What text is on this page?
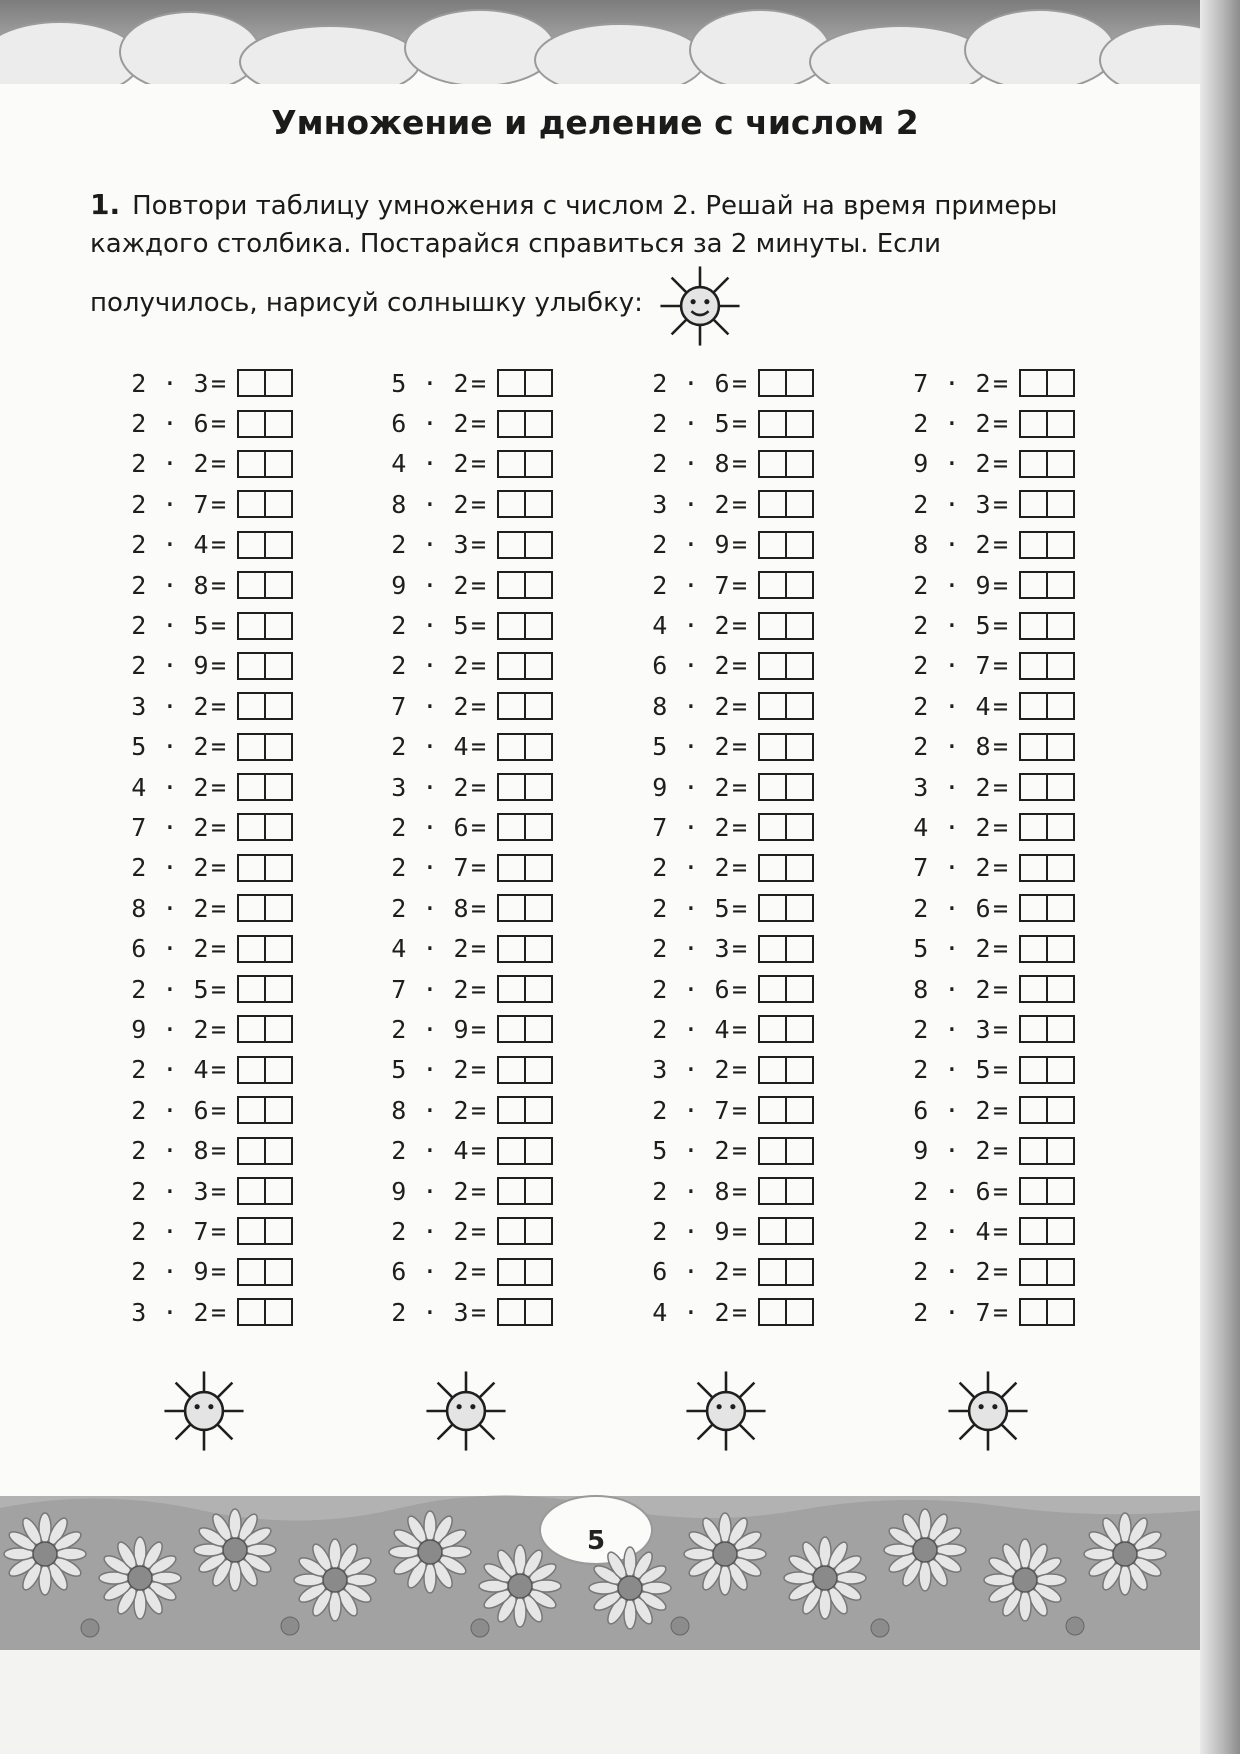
Умножение и деление с числом 2
1. Повтори таблицу умножения с числом 2. Решай на время примеры каждого столбика. Постарайся справиться за 2 минуты. Если получилось, нарисуй солнышку улыбку:
2 · 3 =
2 · 6 =
2 · 2 =
2 · 7 =
2 · 4 =
2 · 8 =
2 · 5 =
2 · 9 =
3 · 2 =
5 · 2 =
4 · 2 =
7 · 2 =
2 · 2 =
8 · 2 =
6 · 2 =
2 · 5 =
9 · 2 =
2 · 4 =
2 · 6 =
2 · 8 =
2 · 3 =
2 · 7 =
2 · 9 =
3 · 2 =
5 · 2 =
6 · 2 =
4 · 2 =
8 · 2 =
2 · 3 =
9 · 2 =
2 · 5 =
2 · 2 =
7 · 2 =
2 · 4 =
3 · 2 =
2 · 6 =
2 · 7 =
2 · 8 =
4 · 2 =
7 · 2 =
2 · 9 =
5 · 2 =
8 · 2 =
2 · 4 =
9 · 2 =
2 · 2 =
6 · 2 =
2 · 3 =
2 · 6 =
2 · 5 =
2 · 8 =
3 · 2 =
2 · 9 =
2 · 7 =
4 · 2 =
6 · 2 =
8 · 2 =
5 · 2 =
9 · 2 =
7 · 2 =
2 · 2 =
2 · 5 =
2 · 3 =
2 · 6 =
2 · 4 =
3 · 2 =
2 · 7 =
5 · 2 =
2 · 8 =
2 · 9 =
6 · 2 =
4 · 2 =
7 · 2 =
2 · 2 =
9 · 2 =
2 · 3 =
8 · 2 =
2 · 9 =
2 · 5 =
2 · 7 =
2 · 4 =
2 · 8 =
3 · 2 =
4 · 2 =
7 · 2 =
2 · 6 =
5 · 2 =
8 · 2 =
2 · 3 =
2 · 5 =
6 · 2 =
9 · 2 =
2 · 6 =
2 · 4 =
2 · 2 =
2 · 7 =
5
